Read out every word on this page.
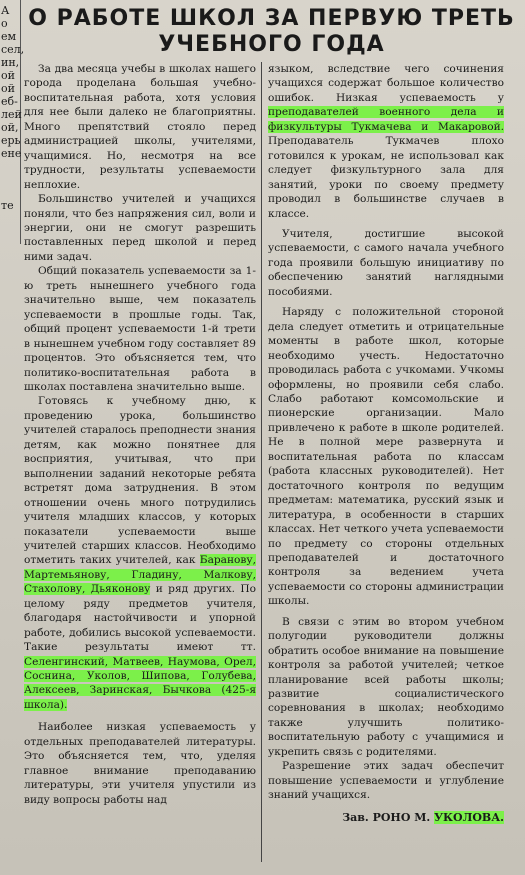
А
о
ем
сел,
ин,
ой
ой
еб-
лей
ой,
ерь
ене

те
О РАБОТЕ ШКОЛ ЗА ПЕРВУЮ ТРЕТЬ
УЧЕБНОГО ГОДА

За два месяца учебы в школах нашего города проделана большая учебно-воспитательная работа, хотя условия для нее были далеко не благоприятны. Много препятствий стояло перед администрацией школы, учителями, учащимися. Но, несмотря на все трудности, результаты успеваемости неплохие.

Большинство учителей и учащихся поняли, что без напряжения сил, воли и энергии, они не смогут разрешить поставленных перед школой и перед ними задач.

Общий показатель успеваемости за 1-ю треть нынешнего учебного года значительно выше, чем показатель успеваемости в прошлые годы. Так, общий процент успеваемости 1-й трети в нынешнем учебном году составляет 89 процентов. Это объясняется тем, что политико-воспитательная работа в школах поставлена значительно выше.

Готовясь к учебному дню, к проведению урока, большинство учителей старалось преподнести знания детям, как можно понятнее для восприятия, учитывая, что при выполнении заданий некоторые ребята встретят дома затруднения. В этом отношении очень много потрудились учителя младших классов, у которых показатели успеваемости выше учителей старших классов. Необходимо отметить таких учителей, как Баранову, Мартемьянову, Гладину, Малкову, Стахолову, Дьяконову и ряд других. По целому ряду предметов учителя, благодаря настойчивости и упорной работе, добились высокой успеваемости. Такие результаты имеют тт. Селенгинский, Матвеев, Наумова, Орел, Соснина, Уколов, Шипова, Голубева, Алексеев, Заринская, Бычкова (425-я школа).

Наиболее низкая успеваемость у отдельных преподавателей литературы. Это объясняется тем, что, уделяя главное внимание преподаванию литературы, эти учителя упустили из виду вопросы работы над

языком, вследствие чего сочинения учащихся содержат большое количество ошибок. Низкая успеваемость у преподавателей военного дела и физкультуры Тукмачева и Макаровой. Преподаватель Тукмачев плохо готовился к урокам, не использовал как следует физкультурного зала для занятий, уроки по своему предмету проводил в большинстве случаев в классе.

Учителя, достигшие высокой успеваемости, с самого начала учебного года проявили большую инициативу по обеспечению занятий наглядными пособиями.

Наряду с положительной стороной дела следует отметить и отрицательные моменты в работе школ, которые необходимо учесть. Недостаточно проводилась работа с учкомами. Учкомы оформлены, но проявили себя слабо. Слабо работают комсомольские и пионерские организации. Мало привлечено к работе в школе родителей. Не в полной мере развернута и воспитательная работа по классам (работа классных руководителей). Нет достаточного контроля по ведущим предметам: математика, русский язык и литература, в особенности в старших классах. Нет четкого учета успеваемости по предмету со стороны отдельных преподавателей и достаточного контроля за ведением учета успеваемости со стороны администрации школы.

В связи с этим во втором учебном полугодии руководители должны обратить особое внимание на повышение контроля за работой учителей; четкое планирование всей работы школы; развитие социалистического соревнования в школах; необходимо также улучшить политико-воспитательную работу с учащимися и укрепить связь с родителями.

Разрешение этих задач обеспечит повышение успеваемости и углубление знаний учащихся.

Зав. РОНО М. УКОЛОВА.
